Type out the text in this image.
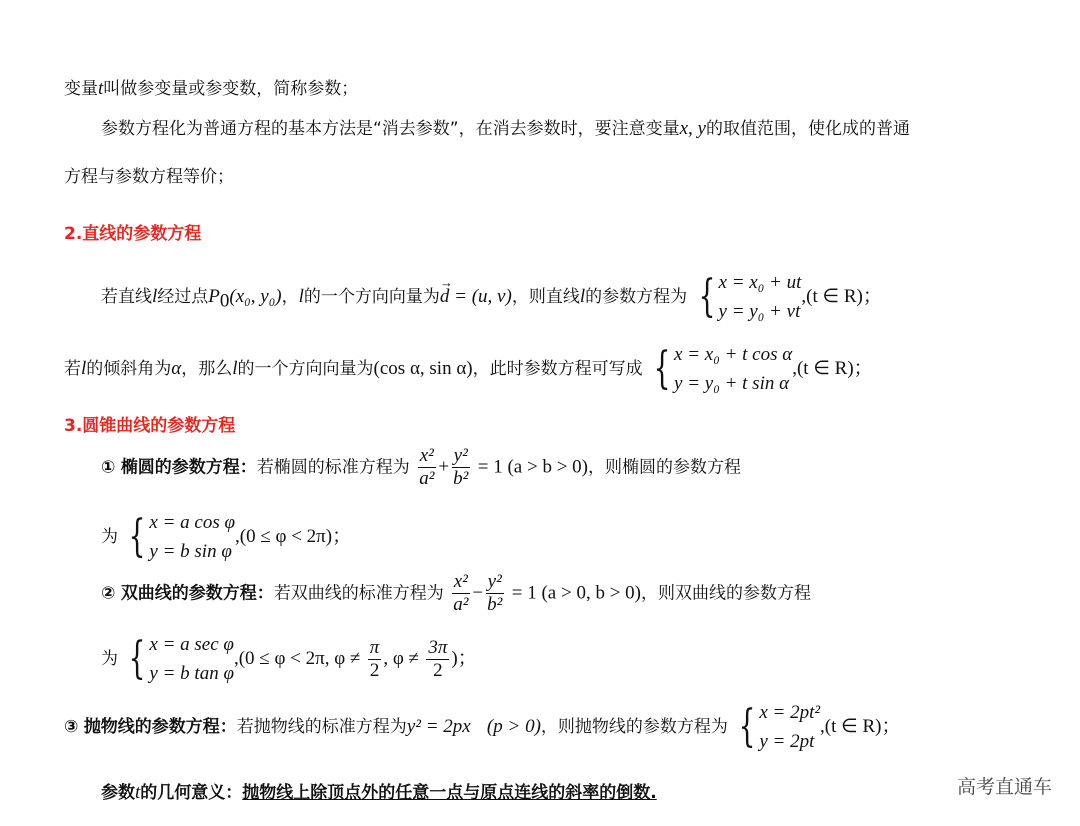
变量t叫做参变量或参变数，简称参数；
参数方程化为普通方程的基本方法是“消去参数”，在消去参数时，要注意变量x, y的取值范围，使化成的普通
方程与参数方程等价；
2.直线的参数方程
若直线l经过点$P_0(x_0$, y₀)，l的一个方向向量为→ d = (u, v)，则直线l的参数方程为 { x = x₀ + ut
y = y₀ + vt
,(t ∈ R)；
若l的倾斜角为α，那么l的一个方向向量为(cos α, sin α)，此时参数方程可写成 { x = x₀ + t cos α
y = y₀ + t sin α
,(t ∈ R)；
3.圆锥曲线的参数方程
① 椭圆的参数方程：若椭圆的标准方程为 $\frac{\text{x²}}{\text{a²}} + \frac{\text{y²}}{\text{b²}} = 1$ (a > b > 0)，则椭圆的参数方程
为 { x = a cos φ
y = b sin φ
,(0 ≤ φ < 2π)；
② 双曲线的参数方程：若双曲线的标准方程为 $\frac{\text{x²}}{\text{a²}} - \frac{\text{y²}}{\text{b²}} = 1$ (a > 0, b > 0)，则双曲线的参数方程
为 { x = a sec φ
y = b tan φ
,(0 ≤ φ < 2π, $\varphi \ne \frac{\pi}{2}$ , $\varphi \ne \frac{3\pi}{2}$ )；
③ 抛物线的参数方程：若抛物线的标准方程为y² = 2px (p > 0)，则抛物线的参数方程为 { x = 2pt²
y = 2pt
,(t ∈ R)；
参数t的几何意义：抛物线上除顶点外的任意一点与原点连线的斜率的倒数.	高考直通车
